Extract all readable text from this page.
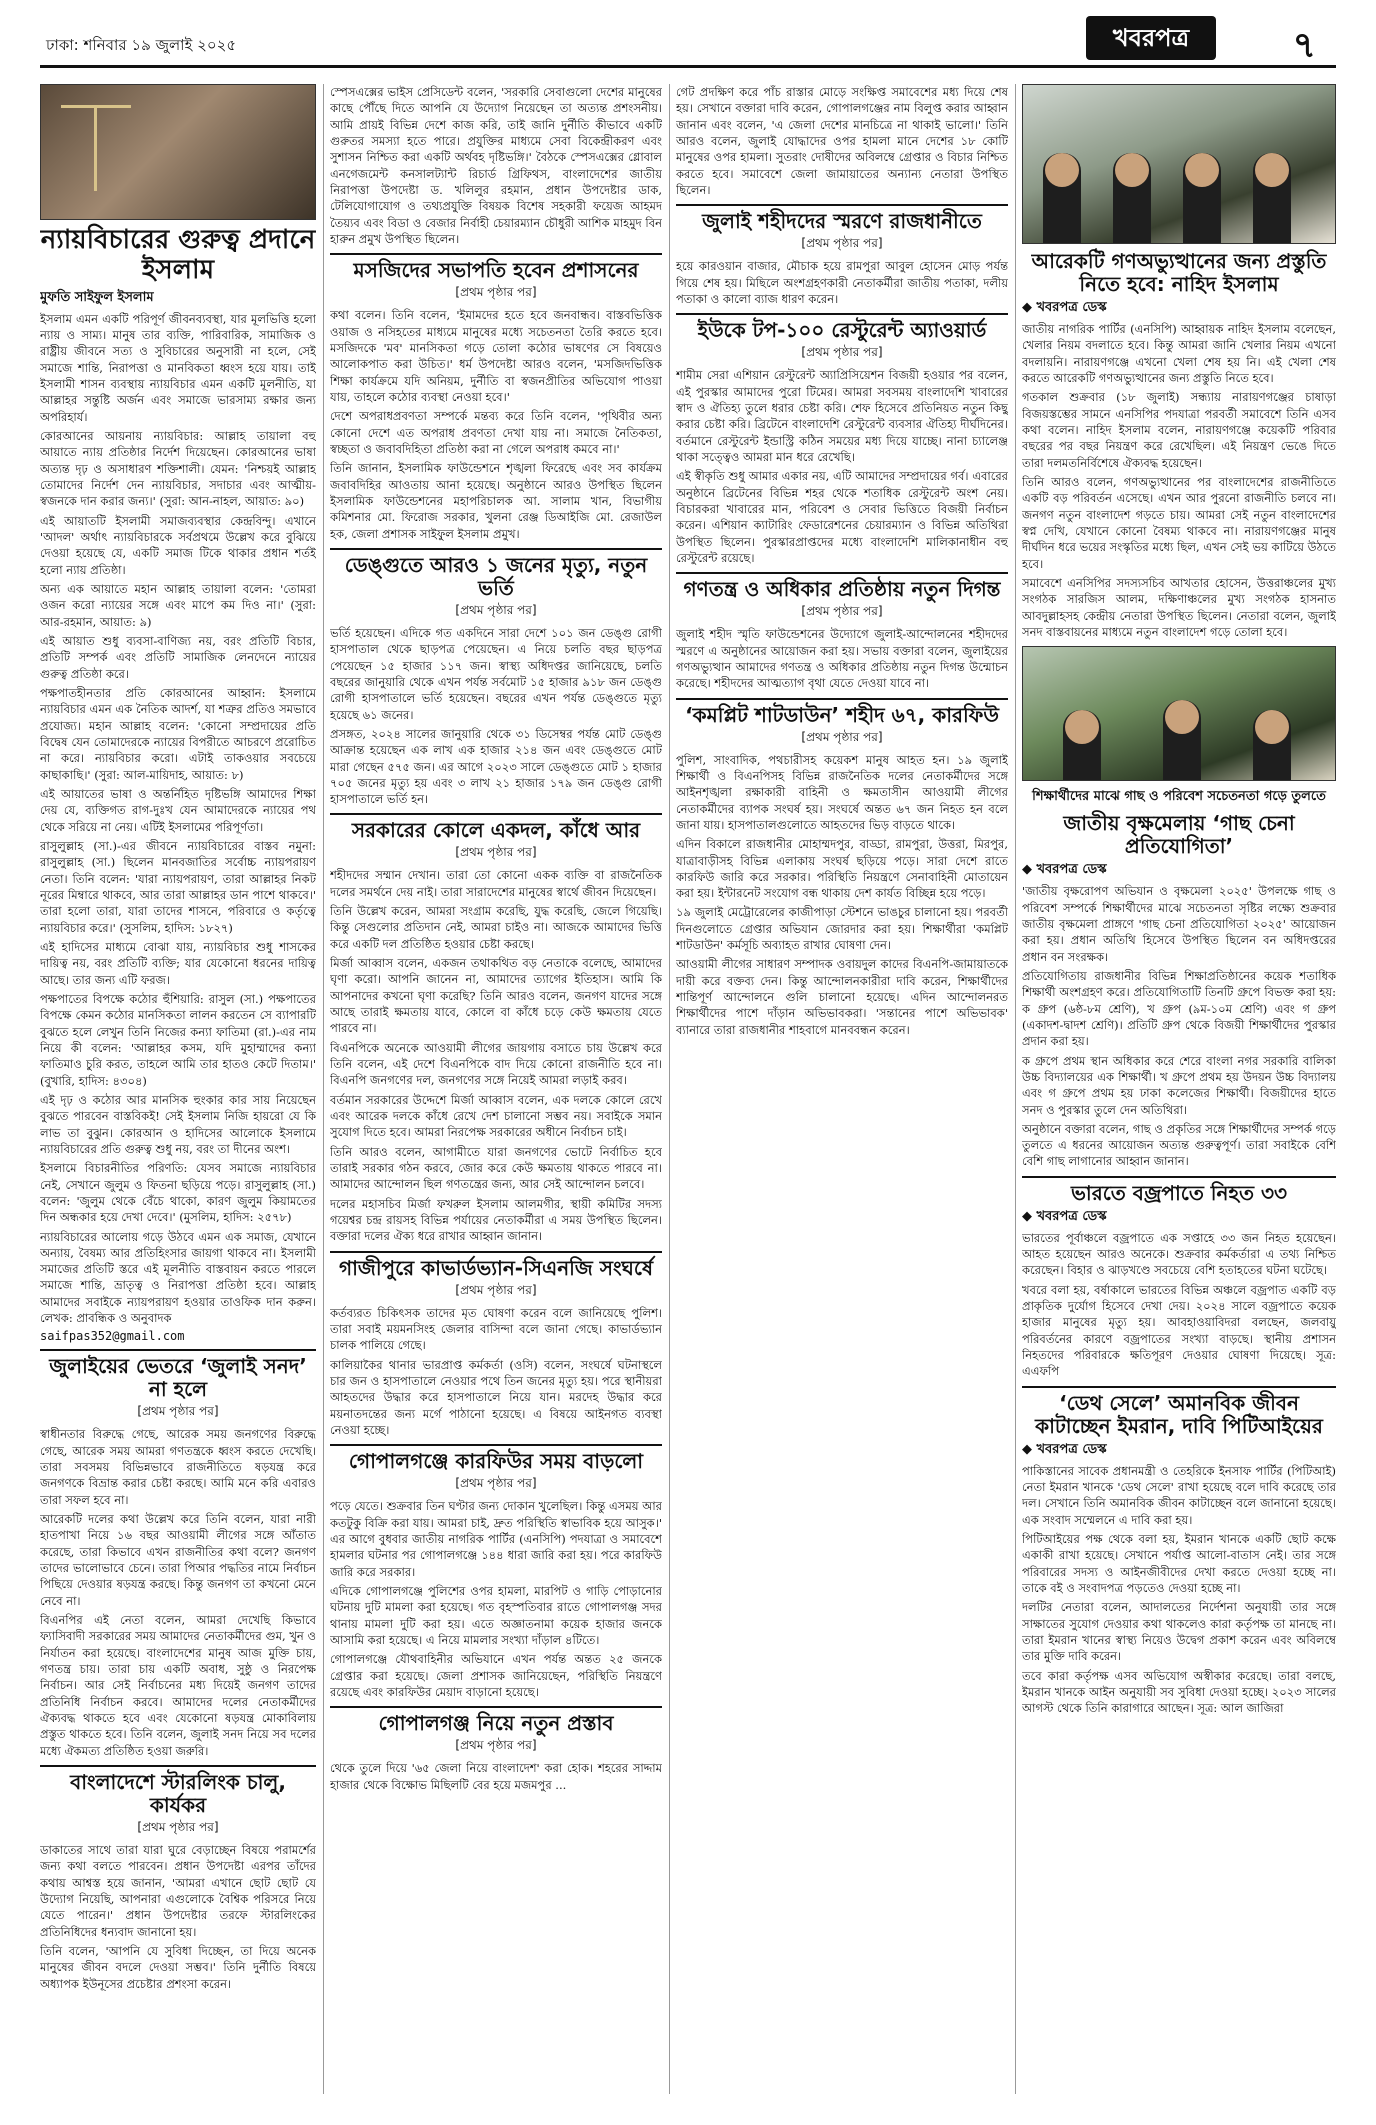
ঢাকা: শনিবার ১৯ জুলাই ২০২৫	খবরপত্র	৭
ন্যায়বিচারের গুরুত্ব প্রদানে ইসলাম
মুফতি সাইফুল ইসলাম

ইসলাম এমন একটি পরিপূর্ণ জীবনব্যবস্থা, যার মূলভিত্তি হলো ন্যায় ও সাম্য। মানুষ তার ব্যক্তি, পারিবারিক, সামাজিক ও রাষ্ট্রীয় জীবনে সত্য ও সুবিচারের অনুসারী না হলে, সেই সমাজে শান্তি, নিরাপত্তা ও মানবিকতা ধ্বংস হয়ে যায়। তাই ইসলামী শাসন ব্যবস্থায় ন্যায়বিচার এমন একটি মূলনীতি, যা আল্লাহর সন্তুষ্টি অর্জন এবং সমাজে ভারসাম্য রক্ষার জন্য অপরিহার্য।

কোরআনের আয়নায় ন্যায়বিচার: আল্লাহ তায়ালা বহু আয়াতে ন্যায় প্রতিষ্ঠার নির্দেশ দিয়েছেন। কোরআনের ভাষা অত্যন্ত দৃঢ় ও অসাধারণ শক্তিশালী। যেমন: 'নিশ্চয়ই আল্লাহ তোমাদের নির্দেশ দেন ন্যায়বিচার, সদাচার এবং আত্মীয়-স্বজনকে দান করার জন্য।' (সুরা: আন-নাহল, আয়াত: ৯০)

এই আয়াতটি ইসলামী সমাজব্যবস্থার কেন্দ্রবিন্দু। এখানে 'আদল' অর্থাৎ ন্যায়বিচারকে সর্বপ্রথমে উল্লেখ করে বুঝিয়ে দেওয়া হয়েছে যে, একটি সমাজ টিকে থাকার প্রধান শর্তই হলো ন্যায় প্রতিষ্ঠা।

অন্য এক আয়াতে মহান আল্লাহ তায়ালা বলেন: 'তোমরা ওজন করো ন্যায়ের সঙ্গে এবং মাপে কম দিও না।' (সুরা: আর-রহমান, আয়াত: ৯)

এই আয়াত শুধু ব্যবসা-বাণিজ্য নয়, বরং প্রতিটি বিচার, প্রতিটি সম্পর্ক এবং প্রতিটি সামাজিক লেনদেনে ন্যায়ের গুরুত্ব প্রতিষ্ঠা করে।

পক্ষপাতহীনতার প্রতি কোরআনের আহ্বান: ইসলামে ন্যায়বিচার এমন এক নৈতিক আদর্শ, যা শত্রুর প্রতিও সমভাবে প্রযোজ্য। মহান আল্লাহ বলেন: 'কোনো সম্প্রদায়ের প্রতি বিদ্বেষ যেন তোমাদেরকে ন্যায়ের বিপরীতে আচরণে প্ররোচিত না করে। ন্যায়বিচার করো। এটাই তাকওয়ার সবচেয়ে কাছাকাছি।' (সুরা: আল-মায়িদাহ, আয়াত: ৮)

এই আয়াতের ভাষা ও অন্তর্নিহিত দৃষ্টিভঙ্গি আমাদের শিক্ষা দেয় যে, ব্যক্তিগত রাগ-দুঃখ যেন আমাদেরকে ন্যায়ের পথ থেকে সরিয়ে না নেয়। এটিই ইসলামের পরিপূর্ণতা।

রাসুলুল্লাহ (সা.)-এর জীবনে ন্যায়বিচারের বাস্তব নমুনা: রাসুলুল্লাহ (সা.) ছিলেন মানবজাতির সর্বোচ্চ ন্যায়পরায়ণ নেতা। তিনি বলেন: 'যারা ন্যায়পরায়ণ, তারা আল্লাহর নিকট নূরের মিম্বারে থাকবে, আর তারা আল্লাহর ডান পাশে থাকবে।' তারা হলো তারা, যারা তাদের শাসনে, পরিবারে ও কর্তৃত্বে ন্যায়বিচার করে।' (সুসলিম, হাদিস: ১৮২৭)

এই হাদিসের মাধ্যমে বোঝা যায়, ন্যায়বিচার শুধু শাসকের দায়িত্ব নয়, বরং প্রতিটি ব্যক্তি; যার যেকোনো ধরনের দায়িত্ব আছে। তার জন্য এটি ফরজ।

পক্ষপাতের বিপক্ষে কঠোর হুঁশিয়ারি: রাসুল (সা.) পক্ষপাতের বিপক্ষে কেমন কঠোর মানসিকতা লালন করতেন সে ব্যাপারটি বুঝতে হলে লেখুন তিনি নিজের কন্যা ফাতিমা (রা.)-এর নাম নিয়ে কী বলেন: 'আল্লাহর কসম, যদি মুহাম্মাদের কন্যা ফাতিমাও চুরি করত, তাহলে আমি তার হাতও কেটে দিতাম।' (বুখারি, হাদিস: ৪৩০৪)

এই দৃঢ় ও কঠোর আর মানসিক হুংকার কার সায় নিয়েছেন বুঝতে পারবেন বাস্তবিকই! সেই ইসলাম নিজি হায়রো যে কি লাভ তা বুঝুন। কোরআন ও হাদিসের আলোকে ইসলামে ন্যায়বিচারের প্রতি গুরুত্ব শুধু নয়, বরং তা দীনের অংশ।

ইসলামে বিচারনীতির পরিণতি: যেসব সমাজে ন্যায়বিচার নেই, সেখানে জুলুম ও ফিতনা ছড়িয়ে পড়ে। রাসুলুল্লাহ (সা.) বলেন: 'জুলুম থেকে বেঁচে থাকো, কারণ জুলুম কিয়ামতের দিন অন্ধকার হয়ে দেখা দেবে।' (মুসলিম, হাদিস: ২৫৭৮)

ন্যায়বিচারের আলোয় গড়ে উঠবে এমন এক সমাজ, যেখানে অন্যায়, বৈষম্য আর প্রতিহিংসার জায়গা থাকবে না। ইসলামী সমাজের প্রতিটি স্তরে এই মূলনীতি বাস্তবায়ন করতে পারলে সমাজে শান্তি, ভ্রাতৃত্ব ও নিরাপত্তা প্রতিষ্ঠা হবে। আল্লাহ আমাদের সবাইকে ন্যায়পরায়ণ হওয়ার তাওফিক দান করুন। লেখক: প্রাবন্ধিক ও অনুবাদক

saifpas352@gmail.com
জুলাইয়ের ভেতরে ‘জুলাই সনদ’ না হলে
[প্রথম পৃষ্ঠার পর]

স্বাধীনতার বিরুদ্ধে গেছে, আরেক সময় জনগণের বিরুদ্ধে গেছে, আরেক সময় আমরা গণতন্ত্রকে ধ্বংস করতে দেখেছি। তারা সবসময় বিভিন্নভাবে রাজনীতিতে ষড়যন্ত্র করে জনগণকে বিভ্রান্ত করার চেষ্টা করছে। আমি মনে করি এবারও তারা সফল হবে না।

আরেকটি দলের কথা উল্লেখ করে তিনি বলেন, যারা নারী হাতপাখা নিয়ে ১৬ বছর আওয়ামী লীগের সঙ্গে আঁতাত করেছে, তারা কিভাবে এখন রাজনীতির কথা বলে? জনগণ তাদের ভালোভাবে চেনে। তারা পিআর পদ্ধতির নামে নির্বাচন পিছিয়ে দেওয়ার ষড়যন্ত্র করছে। কিন্তু জনগণ তা কখনো মেনে নেবে না।

বিএনপির এই নেতা বলেন, আমরা দেখেছি কিভাবে ফ্যাসিবাদী সরকারের সময় আমাদের নেতাকর্মীদের গুম, খুন ও নির্যাতন করা হয়েছে। বাংলাদেশের মানুষ আজ মুক্তি চায়, গণতন্ত্র চায়। তারা চায় একটি অবাধ, সুষ্ঠু ও নিরপেক্ষ নির্বাচন। আর সেই নির্বাচনের মধ্য দিয়েই জনগণ তাদের প্রতিনিধি নির্বাচন করবে। আমাদের দলের নেতাকর্মীদের ঐক্যবদ্ধ থাকতে হবে এবং যেকোনো ষড়যন্ত্র মোকাবিলায় প্রস্তুত থাকতে হবে। তিনি বলেন, জুলাই সনদ নিয়ে সব দলের মধ্যে ঐকমত্য প্রতিষ্ঠিত হওয়া জরুরি।

বাংলাদেশে স্টারলিংক চালু, কার্যকর
[প্রথম পৃষ্ঠার পর]

ডাকাতের সাথে তারা যারা ঘুরে বেড়াচ্ছেন বিষয়ে পরামর্শের জন্য কথা বলতে পারবেন। প্রধান উপদেষ্টা এরপর তাঁদের কথায় আশ্বস্ত হয়ে জানান, 'আমরা এখানে ছোট ছোট যে উদ্যোগ নিয়েছি, আপনারা এগুলোকে বৈশ্বিক পরিসরে নিয়ে যেতে পারেন।' প্রধান উপদেষ্টার তরফে স্টারলিংকের প্রতিনিধিদের ধন্যবাদ জানানো হয়।

তিনি বলেন, 'আপনি যে সুবিধা দিচ্ছেন, তা দিয়ে অনেক মানুষের জীবন বদলে দেওয়া সম্ভব।' তিনি দুর্নীতি বিষয়ে অধ্যাপক ইউনূসের প্রচেষ্টার প্রশংসা করেন।

স্পেসএক্সের ভাইস প্রেসিডেন্ট বলেন, 'সরকারি সেবাগুলো দেশের মানুষের কাছে পৌঁছে দিতে আপনি যে উদ্যোগ নিয়েছেন তা অত্যন্ত প্রশংসনীয়। আমি প্রায়ই বিভিন্ন দেশে কাজ করি, তাই জানি দুর্নীতি কীভাবে একটি গুরুতর সমস্যা হতে পারে। প্রযুক্তির মাধ্যমে সেবা বিকেন্দ্রীকরণ এবং সুশাসন নিশ্চিত করা একটি অর্থবহ দৃষ্টিভঙ্গি।' বৈঠকে স্পেসএক্সের গ্লোবাল এনগেজমেন্ট কনসালট্যান্ট রিচার্ড গ্রিফিথস, বাংলাদেশের জাতীয় নিরাপত্তা উপদেষ্টা ড. খলিলুর রহমান, প্রধান উপদেষ্টার ডাক, টেলিযোগাযোগ ও তথ্যপ্রযুক্তি বিষয়ক বিশেষ সহকারী ফয়েজ আহমদ তৈয়্যব এবং বিডা ও বেজার নির্বাহী চেয়ারম্যান চৌধুরী আশিক মাহমুদ বিন হারুন প্রমুখ উপস্থিত ছিলেন।

মসজিদের সভাপতি হবেন প্রশাসনের
[প্রথম পৃষ্ঠার পর]

কথা বলেন। তিনি বলেন, 'ইমামদের হতে হবে জনবান্ধব। বাস্তবভিত্তিক ওয়াজ ও নসিহতের মাধ্যমে মানুষের মধ্যে সচেতনতা তৈরি করতে হবে। মসজিদকে 'মব' মানসিকতা গড়ে তোলা কঠোর ভাষণের সে বিষয়েও আলোকপাত করা উচিত।' ধর্ম উপদেষ্টা আরও বলেন, 'মসজিদভিত্তিক শিক্ষা কার্যক্রমে যদি অনিয়ম, দুর্নীতি বা স্বজনপ্রীতির অভিযোগ পাওয়া যায়, তাহলে কঠোর ব্যবস্থা নেওয়া হবে।'

দেশে অপরাধপ্রবণতা সম্পর্কে মন্তব্য করে তিনি বলেন, 'পৃথিবীর অন্য কোনো দেশে এত অপরাধ প্রবণতা দেখা যায় না। সমাজে নৈতিকতা, স্বচ্ছতা ও জবাবদিহিতা প্রতিষ্ঠা করা না গেলে অপরাধ কমবে না।'

তিনি জানান, ইসলামিক ফাউন্ডেশনে শৃঙ্খলা ফিরেছে এবং সব কার্যক্রম জবাবদিহির আওতায় আনা হয়েছে। অনুষ্ঠানে আরও উপস্থিত ছিলেন ইসলামিক ফাউন্ডেশনের মহাপরিচালক আ. সালাম খান, বিভাগীয় কমিশনার মো. ফিরোজ সরকার, খুলনা রেঞ্জ ডিআইজি মো. রেজাউল হক, জেলা প্রশাসক সাইফুল ইসলাম প্রমুখ।

ডেঙ্গুতে আরও ১ জনের মৃত্যু, নতুন ভর্তি
[প্রথম পৃষ্ঠার পর]

ভর্তি হয়েছেন। এদিকে গত একদিনে সারা দেশে ১০১ জন ডেঙ্গু রোগী হাসপাতাল থেকে ছাড়পত্র পেয়েছেন। এ নিয়ে চলতি বছর ছাড়পত্র পেয়েছেন ১৫ হাজার ১১৭ জন। স্বাস্থ্য অধিদপ্তর জানিয়েছে, চলতি বছরের জানুয়ারি থেকে এখন পর্যন্ত সর্বমোট ১৫ হাজার ৯১৮ জন ডেঙ্গু রোগী হাসপাতালে ভর্তি হয়েছেন। বছরের এখন পর্যন্ত ডেঙ্গুতে মৃত্যু হয়েছে ৬১ জনের।

প্রসঙ্গত, ২০২৪ সালের জানুয়ারি থেকে ৩১ ডিসেম্বর পর্যন্ত মোট ডেঙ্গু আক্রান্ত হয়েছেন এক লাখ এক হাজার ২১৪ জন এবং ডেঙ্গুতে মোট মারা গেছেন ৫৭৫ জন। এর আগে ২০২৩ সালে ডেঙ্গুতে মোট ১ হাজার ৭০৫ জনের মৃত্যু হয় এবং ৩ লাখ ২১ হাজার ১৭৯ জন ডেঙ্গু রোগী হাসপাতালে ভর্তি হন।

সরকারের কোলে একদল, কাঁধে আর
[প্রথম পৃষ্ঠার পর]

শহীদদের সম্মান দেখান। তারা তো কোনো একক ব্যক্তি বা রাজনৈতিক দলের সমর্থনে দেয় নাই। তারা সারাদেশের মানুষের স্বার্থে জীবন দিয়েছেন।

তিনি উল্লেখ করেন, আমরা সংগ্রাম করেছি, যুদ্ধ করেছি, জেলে গিয়েছি। কিন্তু সেগুলোর প্রতিদান নেই, আমরা চাইও না। আজকে আমাদের ভিত্তি করে একটি দল প্রতিষ্ঠিত হওয়ার চেষ্টা করছে।

মির্জা আব্বাস বলেন, একজন তথাকথিত বড় নেতাকে বলেছে, আমাদের ঘৃণা করো। আপনি জানেন না, আমাদের ত্যাগের ইতিহাস। আমি কি আপনাদের কখনো ঘৃণা করেছি? তিনি আরও বলেন, জনগণ যাদের সঙ্গে আছে তারাই ক্ষমতায় যাবে, কোলে বা কাঁধে চড়ে কেউ ক্ষমতায় যেতে পারবে না।

বিএনপিকে অনেকে আওয়ামী লীগের জায়গায় বসাতে চায় উল্লেখ করে তিনি বলেন, এই দেশে বিএনপিকে বাদ দিয়ে কোনো রাজনীতি হবে না। বিএনপি জনগণের দল, জনগণের সঙ্গে নিয়েই আমরা লড়াই করব।

বর্তমান সরকারের উদ্দেশে মির্জা আব্বাস বলেন, এক দলকে কোলে রেখে এবং আরেক দলকে কাঁধে রেখে দেশ চালানো সম্ভব নয়। সবাইকে সমান সুযোগ দিতে হবে। আমরা নিরপেক্ষ সরকারের অধীনে নির্বাচন চাই।

তিনি আরও বলেন, আগামীতে যারা জনগণের ভোটে নির্বাচিত হবে তারাই সরকার গঠন করবে, জোর করে কেউ ক্ষমতায় থাকতে পারবে না। আমাদের আন্দোলন ছিল গণতন্ত্রের জন্য, আর সেই আন্দোলন চলবে।

দলের মহাসচিব মির্জা ফখরুল ইসলাম আলমগীর, স্থায়ী কমিটির সদস্য গয়েশ্বর চন্দ্র রায়সহ বিভিন্ন পর্যায়ের নেতাকর্মীরা এ সময় উপস্থিত ছিলেন। বক্তারা দলের ঐক্য ধরে রাখার আহ্বান জানান।

গাজীপুরে কাভার্ডভ্যান-সিএনজি সংঘর্ষে
[প্রথম পৃষ্ঠার পর]

কর্তব্যরত চিকিৎসক তাদের মৃত ঘোষণা করেন বলে জানিয়েছে পুলিশ। তারা সবাই ময়মনসিংহ জেলার বাসিন্দা বলে জানা গেছে। কাভার্ডভ্যান চালক পালিয়ে গেছে।

কালিয়াকৈর থানার ভারপ্রাপ্ত কর্মকর্তা (ওসি) বলেন, সংঘর্ষে ঘটনাস্থলে চার জন ও হাসপাতালে নেওয়ার পথে তিন জনের মৃত্যু হয়। পরে স্থানীয়রা আহতদের উদ্ধার করে হাসপাতালে নিয়ে যান। মরদেহ উদ্ধার করে ময়নাতদন্তের জন্য মর্গে পাঠানো হয়েছে। এ বিষয়ে আইনগত ব্যবস্থা নেওয়া হচ্ছে।

গোপালগঞ্জে কারফিউর সময় বাড়লো
[প্রথম পৃষ্ঠার পর]

পড়ে যেতে। শুক্রবার তিন ঘণ্টার জন্য দোকান খুলেছিল। কিন্তু এসময় আর কতটুকু বিক্রি করা যায়। আমরা চাই, দ্রুত পরিস্থিতি স্বাভাবিক হয়ে আসুক।' এর আগে বুধবার জাতীয় নাগরিক পার্টির (এনসিপি) পদযাত্রা ও সমাবেশে হামলার ঘটনার পর গোপালগঞ্জে ১৪৪ ধারা জারি করা হয়। পরে কারফিউ জারি করে সরকার।

এদিকে গোপালগঞ্জে পুলিশের ওপর হামলা, মারপিট ও গাড়ি পোড়ানোর ঘটনায় দুটি মামলা করা হয়েছে। গত বৃহস্পতিবার রাতে গোপালগঞ্জ সদর থানায় মামলা দুটি করা হয়। এতে অজ্ঞাতনামা কয়েক হাজার জনকে আসামি করা হয়েছে। এ নিয়ে মামলার সংখ্যা দাঁড়াল ৪টিতে।

গোপালগঞ্জে যৌথবাহিনীর অভিযানে এখন পর্যন্ত অন্তত ২৫ জনকে গ্রেপ্তার করা হয়েছে। জেলা প্রশাসক জানিয়েছেন, পরিস্থিতি নিয়ন্ত্রণে রয়েছে এবং কারফিউর মেয়াদ বাড়ানো হয়েছে।

গোপালগঞ্জ নিয়ে নতুন প্রস্তাব
[প্রথম পৃষ্ঠার পর]

থেকে তুলে দিয়ে '৬৫ জেলা নিয়ে বাংলাদেশ' করা হোক। শহরের সাদ্দাম হাজার থেকে বিক্ষোভ মিছিলটি বের হয়ে মজমপুর ...

গেট প্রদক্ষিণ করে পাঁচ রাস্তার মোড়ে সংক্ষিপ্ত সমাবেশের মধ্য দিয়ে শেষ হয়। সেখানে বক্তারা দাবি করেন, গোপালগঞ্জের নাম বিলুপ্ত করার আহ্বান জানান এবং বলেন, 'এ জেলা দেশের মানচিত্রে না থাকাই ভালো।' তিনি আরও বলেন, জুলাই যোদ্ধাদের ওপর হামলা মানে দেশের ১৮ কোটি মানুষের ওপর হামলা। সুতরাং দোষীদের অবিলম্বে গ্রেপ্তার ও বিচার নিশ্চিত করতে হবে। সমাবেশে জেলা জামায়াতের অন্যান্য নেতারা উপস্থিত ছিলেন।

জুলাই শহীদদের স্মরণে রাজধানীতে
[প্রথম পৃষ্ঠার পর]

হয়ে কারওয়ান বাজার, মৌচাক হয়ে রামপুরা আবুল হোসেন মোড় পর্যন্ত গিয়ে শেষ হয়। মিছিলে অংশগ্রহণকারী নেতাকর্মীরা জাতীয় পতাকা, দলীয় পতাকা ও কালো ব্যাজ ধারণ করেন।

ইউকে টপ-১০০ রেস্টুরেন্ট অ্যাওয়ার্ড
[প্রথম পৃষ্ঠার পর]

শামীম সেরা এশিয়ান রেস্টুরেন্ট অ্যাপ্রিসিয়েশন বিজয়ী হওয়ার পর বলেন, এই পুরস্কার আমাদের পুরো টিমের। আমরা সবসময় বাংলাদেশি খাবারের স্বাদ ও ঐতিহ্য তুলে ধরার চেষ্টা করি। শেফ হিসেবে প্রতিনিয়ত নতুন কিছু করার চেষ্টা করি। ব্রিটেনে বাংলাদেশি রেস্টুরেন্ট ব্যবসার ঐতিহ্য দীর্ঘদিনের। বর্তমানে রেস্টুরেন্ট ইন্ডাস্ট্রি কঠিন সময়ের মধ্য দিয়ে যাচ্ছে। নানা চ্যালেঞ্জ থাকা সত্ত্বেও আমরা মান ধরে রেখেছি।

এই স্বীকৃতি শুধু আমার একার নয়, এটি আমাদের সম্প্রদায়ের গর্ব। এবারের অনুষ্ঠানে ব্রিটেনের বিভিন্ন শহর থেকে শতাধিক রেস্টুরেন্ট অংশ নেয়। বিচারকরা খাবারের মান, পরিবেশ ও সেবার ভিত্তিতে বিজয়ী নির্বাচন করেন। এশিয়ান ক্যাটারিং ফেডারেশনের চেয়ারম্যান ও বিভিন্ন অতিথিরা উপস্থিত ছিলেন। পুরস্কারপ্রাপ্তদের মধ্যে বাংলাদেশি মালিকানাধীন বহু রেস্টুরেন্ট রয়েছে।

গণতন্ত্র ও অধিকার প্রতিষ্ঠায় নতুন দিগন্ত
[প্রথম পৃষ্ঠার পর]

জুলাই শহীদ স্মৃতি ফাউন্ডেশনের উদ্যোগে জুলাই-আন্দোলনের শহীদদের স্মরণে এ অনুষ্ঠানের আয়োজন করা হয়। সভায় বক্তারা বলেন, জুলাইয়ের গণঅভ্যুত্থান আমাদের গণতন্ত্র ও অধিকার প্রতিষ্ঠায় নতুন দিগন্ত উন্মোচন করেছে। শহীদদের আত্মত্যাগ বৃথা যেতে দেওয়া যাবে না।

‘কমপ্লিট শাটডাউন’ শহীদ ৬৭, কারফিউ
[প্রথম পৃষ্ঠার পর]

পুলিশ, সাংবাদিক, পথচারীসহ কয়েকশ মানুষ আহত হন। ১৯ জুলাই শিক্ষার্থী ও বিএনপিসহ বিভিন্ন রাজনৈতিক দলের নেতাকর্মীদের সঙ্গে আইনশৃঙ্খলা রক্ষাকারী বাহিনী ও ক্ষমতাসীন আওয়ামী লীগের নেতাকর্মীদের ব্যাপক সংঘর্ষ হয়। সংঘর্ষে অন্তত ৬৭ জন নিহত হন বলে জানা যায়। হাসপাতালগুলোতে আহতদের ভিড় বাড়তে থাকে।

এদিন বিকালে রাজধানীর মোহাম্মদপুর, বাড্ডা, রামপুরা, উত্তরা, মিরপুর, যাত্রাবাড়ীসহ বিভিন্ন এলাকায় সংঘর্ষ ছড়িয়ে পড়ে। সারা দেশে রাতে কারফিউ জারি করে সরকার। পরিস্থিতি নিয়ন্ত্রণে সেনাবাহিনী মোতায়েন করা হয়। ইন্টারনেট সংযোগ বন্ধ থাকায় দেশ কার্যত বিচ্ছিন্ন হয়ে পড়ে।

১৯ জুলাই মেট্রোরেলের কাজীপাড়া স্টেশনে ভাঙচুর চালানো হয়। পরবর্তী দিনগুলোতে গ্রেপ্তার অভিযান জোরদার করা হয়। শিক্ষার্থীরা 'কমপ্লিট শাটডাউন' কর্মসূচি অব্যাহত রাখার ঘোষণা দেন।

আওয়ামী লীগের সাধারণ সম্পাদক ওবায়দুল কাদের বিএনপি-জামায়াতকে দায়ী করে বক্তব্য দেন। কিন্তু আন্দোলনকারীরা দাবি করেন, শিক্ষার্থীদের শান্তিপূর্ণ আন্দোলনে গুলি চালানো হয়েছে। এদিন আন্দোলনরত শিক্ষার্থীদের পাশে দাঁড়ান অভিভাবকরা। 'সন্তানের পাশে অভিভাবক' ব্যানারে তারা রাজধানীর শাহবাগে মানববন্ধন করেন।

আরেকটি গণঅভ্যুত্থানের জন্য প্রস্তুতি নিতে হবে: নাহিদ ইসলাম
◆ খবরপত্র ডেস্ক

জাতীয় নাগরিক পার্টির (এনসিপি) আহ্বায়ক নাহিদ ইসলাম বলেছেন, খেলার নিয়ম বদলাতে হবে। কিন্তু আমরা জানি খেলার নিয়ম এখনো বদলায়নি। নারায়ণগঞ্জে এখনো খেলা শেষ হয় নি। এই খেলা শেষ করতে আরেকটি গণঅভ্যুত্থানের জন্য প্রস্তুতি নিতে হবে।

গতকাল শুক্রবার (১৮ জুলাই) সন্ধ্যায় নারায়ণগঞ্জের চাষাড়া বিজয়স্তম্ভের সামনে এনসিপির পদযাত্রা পরবর্তী সমাবেশে তিনি এসব কথা বলেন। নাহিদ ইসলাম বলেন, নারায়ণগঞ্জে কয়েকটি পরিবার বছরের পর বছর নিয়ন্ত্রণ করে রেখেছিল। এই নিয়ন্ত্রণ ভেঙে দিতে তারা দলমতনির্বিশেষে ঐক্যবদ্ধ হয়েছেন।

তিনি আরও বলেন, গণঅভ্যুত্থানের পর বাংলাদেশের রাজনীতিতে একটি বড় পরিবর্তন এসেছে। এখন আর পুরনো রাজনীতি চলবে না। জনগণ নতুন বাংলাদেশ গড়তে চায়। আমরা সেই নতুন বাংলাদেশের স্বপ্ন দেখি, যেখানে কোনো বৈষম্য থাকবে না। নারায়ণগঞ্জের মানুষ দীর্ঘদিন ধরে ভয়ের সংস্কৃতির মধ্যে ছিল, এখন সেই ভয় কাটিয়ে উঠতে হবে।

সমাবেশে এনসিপির সদস্যসচিব আখতার হোসেন, উত্তরাঞ্চলের মুখ্য সংগঠক সারজিস আলম, দক্ষিণাঞ্চলের মুখ্য সংগঠক হাসনাত আবদুল্লাহসহ কেন্দ্রীয় নেতারা উপস্থিত ছিলেন। নেতারা বলেন, জুলাই সনদ বাস্তবায়নের মাধ্যমে নতুন বাংলাদেশ গড়ে তোলা হবে।

শিক্ষার্থীদের মাঝে গাছ ও পরিবেশ সচেতনতা গড়ে তুলতে
জাতীয় বৃক্ষমেলায় ‘গাছ চেনা প্রতিযোগিতা’
◆ খবরপত্র ডেস্ক

'জাতীয় বৃক্ষরোপণ অভিযান ও বৃক্ষমেলা ২০২৫' উপলক্ষে গাছ ও পরিবেশ সম্পর্কে শিক্ষার্থীদের মাঝে সচেতনতা সৃষ্টির লক্ষ্যে শুক্রবার জাতীয় বৃক্ষমেলা প্রাঙ্গণে 'গাছ চেনা প্রতিযোগিতা ২০২৫' আয়োজন করা হয়। প্রধান অতিথি হিসেবে উপস্থিত ছিলেন বন অধিদপ্তরের প্রধান বন সংরক্ষক।

প্রতিযোগিতায় রাজধানীর বিভিন্ন শিক্ষাপ্রতিষ্ঠানের কয়েক শতাধিক শিক্ষার্থী অংশগ্রহণ করে। প্রতিযোগিতাটি তিনটি গ্রুপে বিভক্ত করা হয়: ক গ্রুপ (৬ষ্ঠ-৮ম শ্রেণি), খ গ্রুপ (৯ম-১০ম শ্রেণি) এবং গ গ্রুপ (একাদশ-দ্বাদশ শ্রেণি)। প্রতিটি গ্রুপ থেকে বিজয়ী শিক্ষার্থীদের পুরস্কার প্রদান করা হয়।

ক গ্রুপে প্রথম স্থান অধিকার করে শেরে বাংলা নগর সরকারি বালিকা উচ্চ বিদ্যালয়ের এক শিক্ষার্থী। খ গ্রুপে প্রথম হয় উদয়ন উচ্চ বিদ্যালয় এবং গ গ্রুপে প্রথম হয় ঢাকা কলেজের শিক্ষার্থী। বিজয়ীদের হাতে সনদ ও পুরস্কার তুলে দেন অতিথিরা।

অনুষ্ঠানে বক্তারা বলেন, গাছ ও প্রকৃতির সঙ্গে শিক্ষার্থীদের সম্পর্ক গড়ে তুলতে এ ধরনের আয়োজন অত্যন্ত গুরুত্বপূর্ণ। তারা সবাইকে বেশি বেশি গাছ লাগানোর আহ্বান জানান।

ভারতে বজ্রপাতে নিহত ৩৩
◆ খবরপত্র ডেস্ক

ভারতের পূর্বাঞ্চলে বজ্রপাতে এক সপ্তাহে ৩৩ জন নিহত হয়েছেন। আহত হয়েছেন আরও অনেকে। শুক্রবার কর্মকর্তারা এ তথ্য নিশ্চিত করেছেন। বিহার ও ঝাড়খণ্ডে সবচেয়ে বেশি হতাহতের ঘটনা ঘটেছে।

খবরে বলা হয়, বর্ষাকালে ভারতের বিভিন্ন অঞ্চলে বজ্রপাত একটি বড় প্রাকৃতিক দুর্যোগ হিসেবে দেখা দেয়। ২০২৪ সালে বজ্রপাতে কয়েক হাজার মানুষের মৃত্যু হয়। আবহাওয়াবিদরা বলছেন, জলবায়ু পরিবর্তনের কারণে বজ্রপাতের সংখ্যা বাড়ছে। স্থানীয় প্রশাসন নিহতদের পরিবারকে ক্ষতিপূরণ দেওয়ার ঘোষণা দিয়েছে। সূত্র: এএফপি

‘ডেথ সেলে’ অমানবিক জীবন কাটাচ্ছেন ইমরান, দাবি পিটিআইয়ের
◆ খবরপত্র ডেস্ক

পাকিস্তানের সাবেক প্রধানমন্ত্রী ও তেহরিকে ইনসাফ পার্টির (পিটিআই) নেতা ইমরান খানকে 'ডেথ সেলে' রাখা হয়েছে বলে দাবি করেছে তার দল। সেখানে তিনি অমানবিক জীবন কাটাচ্ছেন বলে জানানো হয়েছে। এক সংবাদ সম্মেলনে এ দাবি করা হয়।

পিটিআইয়ের পক্ষ থেকে বলা হয়, ইমরান খানকে একটি ছোট কক্ষে একাকী রাখা হয়েছে। সেখানে পর্যাপ্ত আলো-বাতাস নেই। তার সঙ্গে পরিবারের সদস্য ও আইনজীবীদের দেখা করতে দেওয়া হচ্ছে না। তাকে বই ও সংবাদপত্র পড়তেও দেওয়া হচ্ছে না।

দলটির নেতারা বলেন, আদালতের নির্দেশনা অনুযায়ী তার সঙ্গে সাক্ষাতের সুযোগ দেওয়ার কথা থাকলেও কারা কর্তৃপক্ষ তা মানছে না। তারা ইমরান খানের স্বাস্থ্য নিয়েও উদ্বেগ প্রকাশ করেন এবং অবিলম্বে তার মুক্তি দাবি করেন।

তবে কারা কর্তৃপক্ষ এসব অভিযোগ অস্বীকার করেছে। তারা বলছে, ইমরান খানকে আইন অনুযায়ী সব সুবিধা দেওয়া হচ্ছে। ২০২৩ সালের আগস্ট থেকে তিনি কারাগারে আছেন। সূত্র: আল জাজিরা
